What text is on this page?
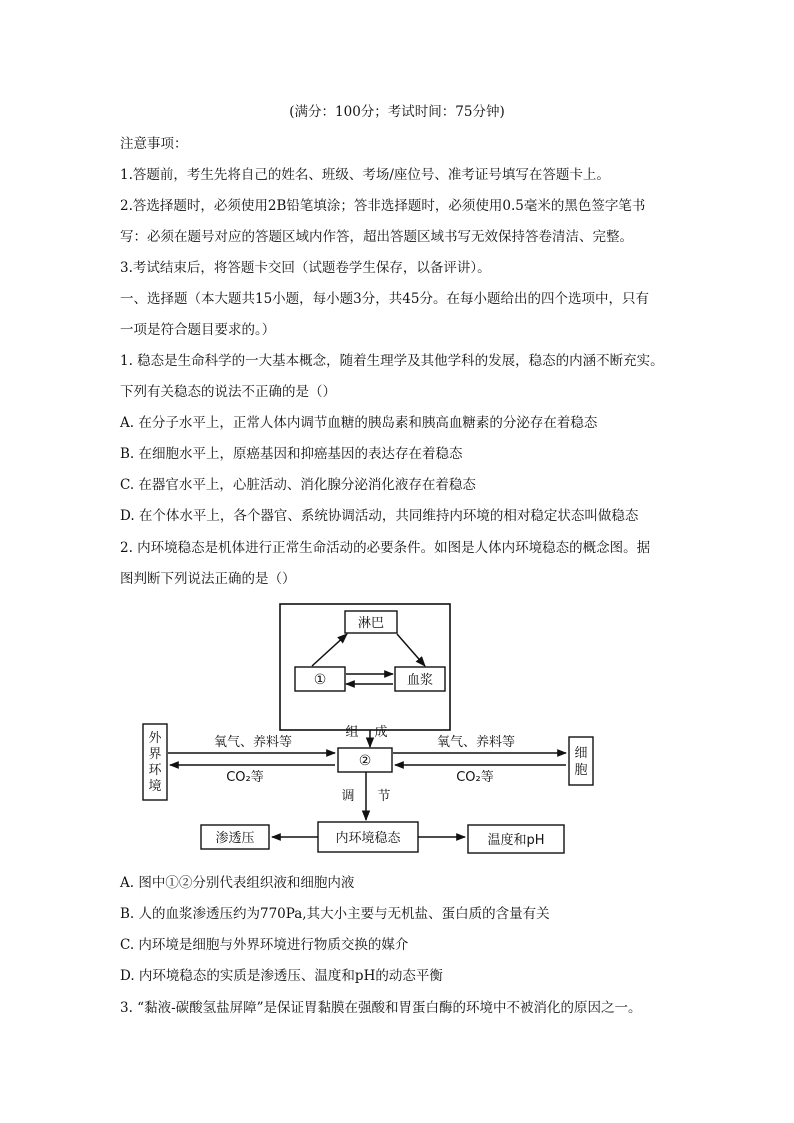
(满分：100分；考试时间：75分钟)
注意事项：
1.答题前，考生先将自己的姓名、班级、考场/座位号、准考证号填写在答题卡上。
2.答选择题时，必须使用2B铅笔填涂；答非选择题时，必须使用0.5毫米的黑色签字笔书
写：必须在题号对应的答题区域内作答，超出答题区域书写无效保持答卷清洁、完整。
3.考试结束后，将答题卡交回（试题卷学生保存，以备评讲）。
一、选择题（本大题共15小题，每小题3分，共45分。在每小题给出的四个选项中，只有
一项是符合题目要求的。）
1. 稳态是生命科学的一大基本概念，随着生理学及其他学科的发展，稳态的内涵不断充实。
下列有关稳态的说法不正确的是（）
A. 在分子水平上，正常人体内调节血糖的胰岛素和胰高血糖素的分泌存在着稳态
B. 在细胞水平上，原癌基因和抑癌基因的表达存在着稳态
C. 在器官水平上，心脏活动、消化腺分泌消化液存在着稳态
D. 在个体水平上，各个器官、系统协调活动，共同维持内环境的相对稳定状态叫做稳态
2. 内环境稳态是机体进行正常生命活动的必要条件。如图是人体内环境稳态的概念图。据
图判断下列说法正确的是（）
淋巴
①	血浆
组 成
②
外
界
环
境
细
胞
氧气、养料等
CO₂等
氧气、养料等
CO₂等
调 节
内环境稳态
渗透压	温度和pH
A. 图中①②分别代表组织液和细胞内液
B. 人的血浆渗透压约为770Pa,其大小主要与无机盐、蛋白质的含量有关
C. 内环境是细胞与外界环境进行物质交换的媒介
D. 内环境稳态的实质是渗透压、温度和pH的动态平衡
3. “黏液-碳酸氢盐屏障”是保证胃黏膜在强酸和胃蛋白酶的环境中不被消化的原因之一。
